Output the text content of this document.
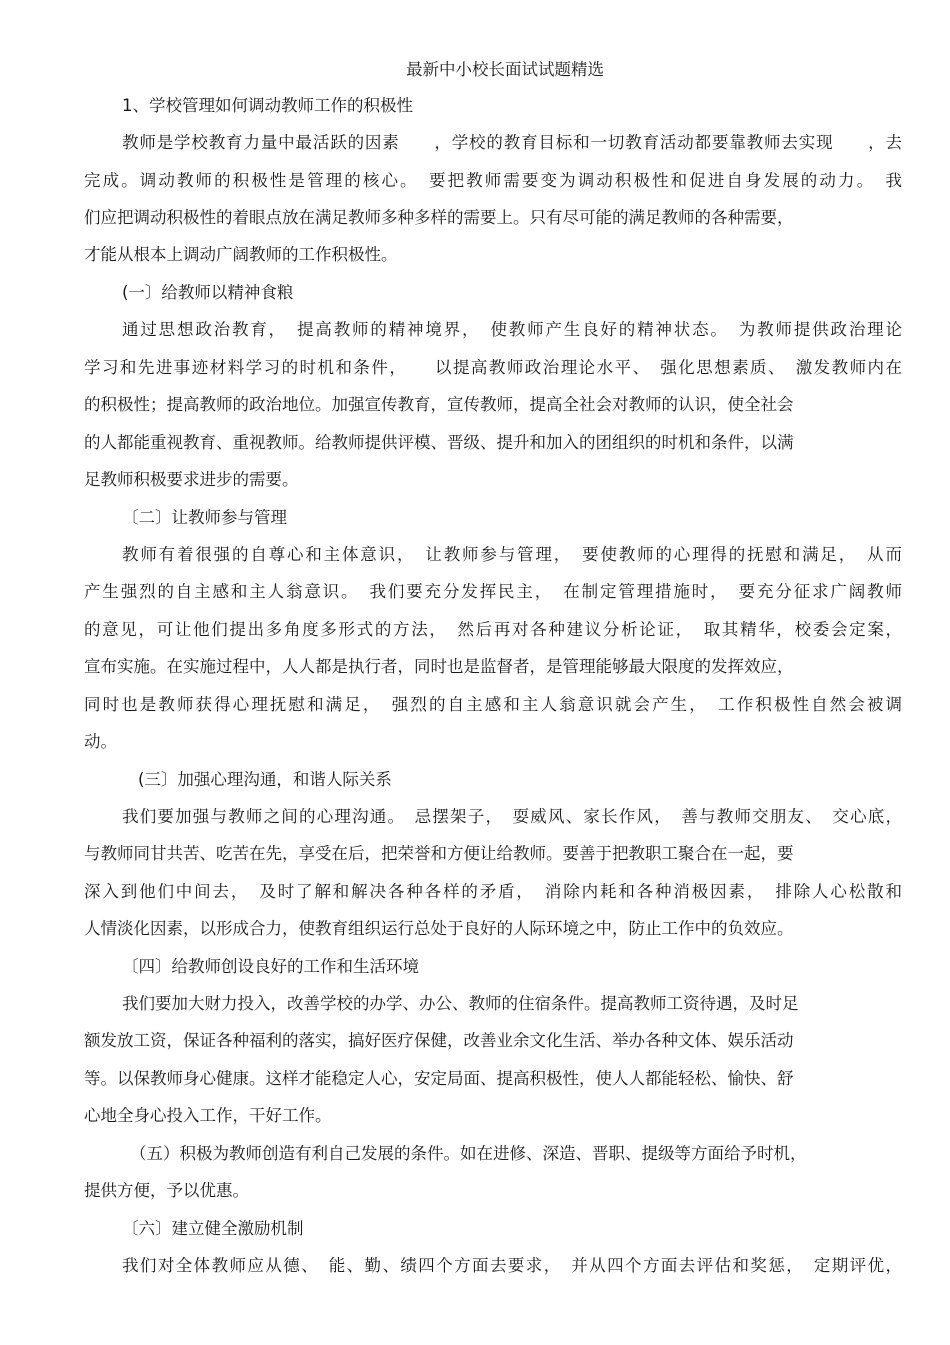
最新中小校长面试试题精选
1、学校管理如何调动教师工作的积极性
教师是学校教育力量中最活跃的因素　　，学校的教育目标和一切教育活动都要靠教师去实现　　，去
完成。调动教师的积极性是管理的核心。　要把教师需要变为调动积极性和促进自身发展的动力。　我
们应把调动积极性的着眼点放在满足教师多种多样的需要上。只有尽可能的满足教师的各种需要，
才能从根本上调动广阔教师的工作积极性。
(一〕给教师以精神食粮
通过思想政治教育，　提高教师的精神境界，　使教师产生良好的精神状态。　为教师提供政治理论
学习和先进事迹材料学习的时机和条件，　　以提高教师政治理论水平、　强化思想素质、　激发教师内在
的积极性；提高教师的政治地位。加强宣传教育，宣传教师，提高全社会对教师的认识，使全社会
的人都能重视教育、重视教师。给教师提供评模、晋级、提升和加入的团组织的时机和条件，以满
足教师积极要求进步的需要。
〔二〕让教师参与管理
教师有着很强的自尊心和主体意识，　让教师参与管理，　要使教师的心理得的抚慰和满足，　从而
产生强烈的自主感和主人翁意识。　我们要充分发挥民主，　在制定管理措施时，　要充分征求广阔教师
的意见，可让他们提出多角度多形式的方法，　然后再对各种建议分析论证，　取其精华，校委会定案，
宣布实施。在实施过程中，人人都是执行者，同时也是监督者，是管理能够最大限度的发挥效应，
同时也是教师获得心理抚慰和满足，　强烈的自主感和主人翁意识就会产生，　工作积极性自然会被调
动。
(三〕加强心理沟通，和谐人际关系
我们要加强与教师之间的心理沟通。　忌摆架子，　耍威风、家长作风，　善与教师交朋友、　交心底，
与教师同甘共苦、吃苦在先，享受在后，把荣誉和方便让给教师。要善于把教职工聚合在一起，要
深入到他们中间去，　及时了解和解决各种各样的矛盾，　消除内耗和各种消极因素，　排除人心松散和
人情淡化因素，以形成合力，使教育组织运行总处于良好的人际环境之中，防止工作中的负效应。
〔四〕给教师创设良好的工作和生活环境
我们要加大财力投入，改善学校的办学、办公、教师的住宿条件。提高教师工资待遇，及时足
额发放工资，保证各种福利的落实，搞好医疗保健，改善业余文化生活、举办各种文体、娱乐活动
等。以保教师身心健康。这样才能稳定人心，安定局面、提高积极性，使人人都能轻松、愉快、舒
心地全身心投入工作，干好工作。
（五）积极为教师创造有利自己发展的条件。如在进修、深造、晋职、提级等方面给予时机，
提供方便，予以优惠。
〔六〕建立健全激励机制
我们对全体教师应从德、　能、勤、绩四个方面去要求，　并从四个方面去评估和奖惩，　定期评优，
